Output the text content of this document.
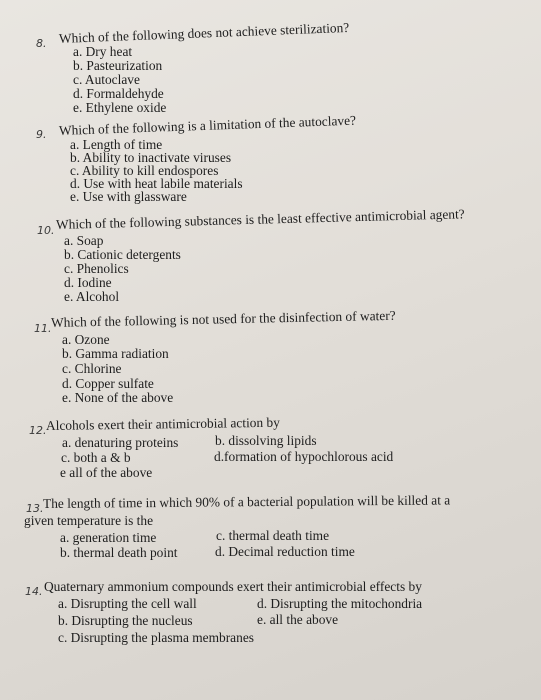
8. Which of the following does not achieve sterilization?
a. Dry heat
b. Pasteurization
c. Autoclave
d. Formaldehyde
e. Ethylene oxide
9. Which of the following is a limitation of the autoclave?
a. Length of time
b. Ability to inactivate viruses
c. Ability to kill endospores
d. Use with heat labile materials
e. Use with glassware
10. Which of the following substances is the least effective antimicrobial agent?
a. Soap
b. Cationic detergents
c. Phenolics
d. Iodine
e. Alcohol
11. Which of the following is not used for the disinfection of water?
a. Ozone
b. Gamma radiation
c. Chlorine
d. Copper sulfate
e. None of the above
12. Alcohols exert their antimicrobial action by
a. denaturing proteins	b. dissolving lipids
c. both a & b	d.formation of hypochlorous acid
e all of the above
13. The length of time in which 90% of a bacterial population will be killed at a
given temperature is the
a. generation time	c. thermal death time
b. thermal death point	d. Decimal reduction time
14. Quaternary ammonium compounds exert their antimicrobial effects by
a. Disrupting the cell wall	d. Disrupting the mitochondria
b. Disrupting the nucleus	e. all the above
c. Disrupting the plasma membranes
